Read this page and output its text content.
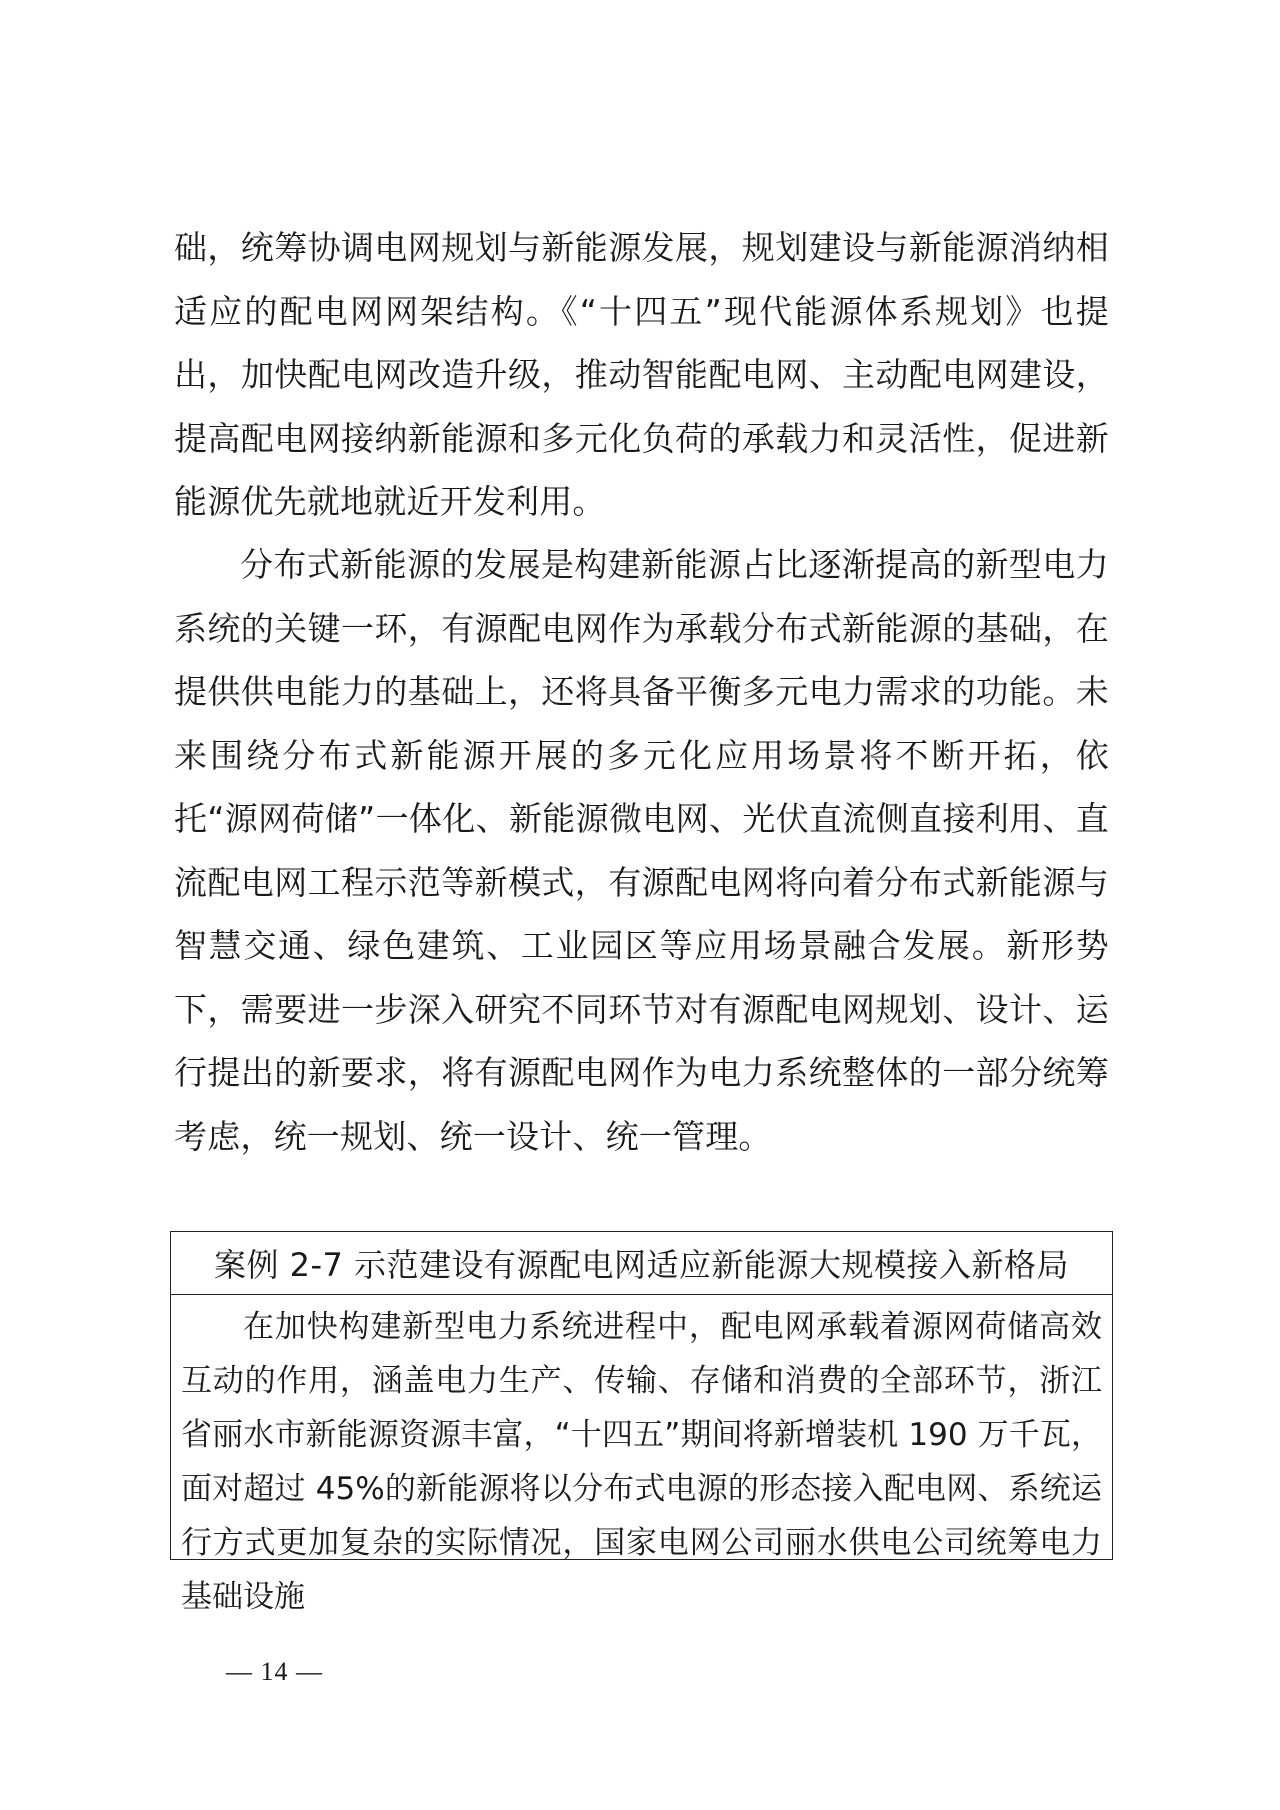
础，统筹协调电网规划与新能源发展，规划建设与新能源消纳相适应的配电网网架结构。《“十四五”现代能源体系规划》也提出，加快配电网改造升级，推动智能配电网、主动配电网建设，提高配电网接纳新能源和多元化负荷的承载力和灵活性，促进新能源优先就地就近开发利用。

分布式新能源的发展是构建新能源占比逐渐提高的新型电力系统的关键一环，有源配电网作为承载分布式新能源的基础，在提供供电能力的基础上，还将具备平衡多元电力需求的功能。未来围绕分布式新能源开展的多元化应用场景将不断开拓，依托“源网荷储”一体化、新能源微电网、光伏直流侧直接利用、直流配电网工程示范等新模式，有源配电网将向着分布式新能源与智慧交通、绿色建筑、工业园区等应用场景融合发展。新形势下，需要进一步深入研究不同环节对有源配电网规划、设计、运行提出的新要求，将有源配电网作为电力系统整体的一部分统筹考虑，统一规划、统一设计、统一管理。

案例 2-7 示范建设有源配电网适应新能源大规模接入新格局

在加快构建新型电力系统进程中，配电网承载着源网荷储高效互动的作用，涵盖电力生产、传输、存储和消费的全部环节，浙江省丽水市新能源资源丰富，“十四五”期间将新增装机 190 万千瓦，面对超过 45%的新能源将以分布式电源的形态接入配电网、系统运行方式更加复杂的实际情况，国家电网公司丽水供电公司统筹电力基础设施

— 14 —
